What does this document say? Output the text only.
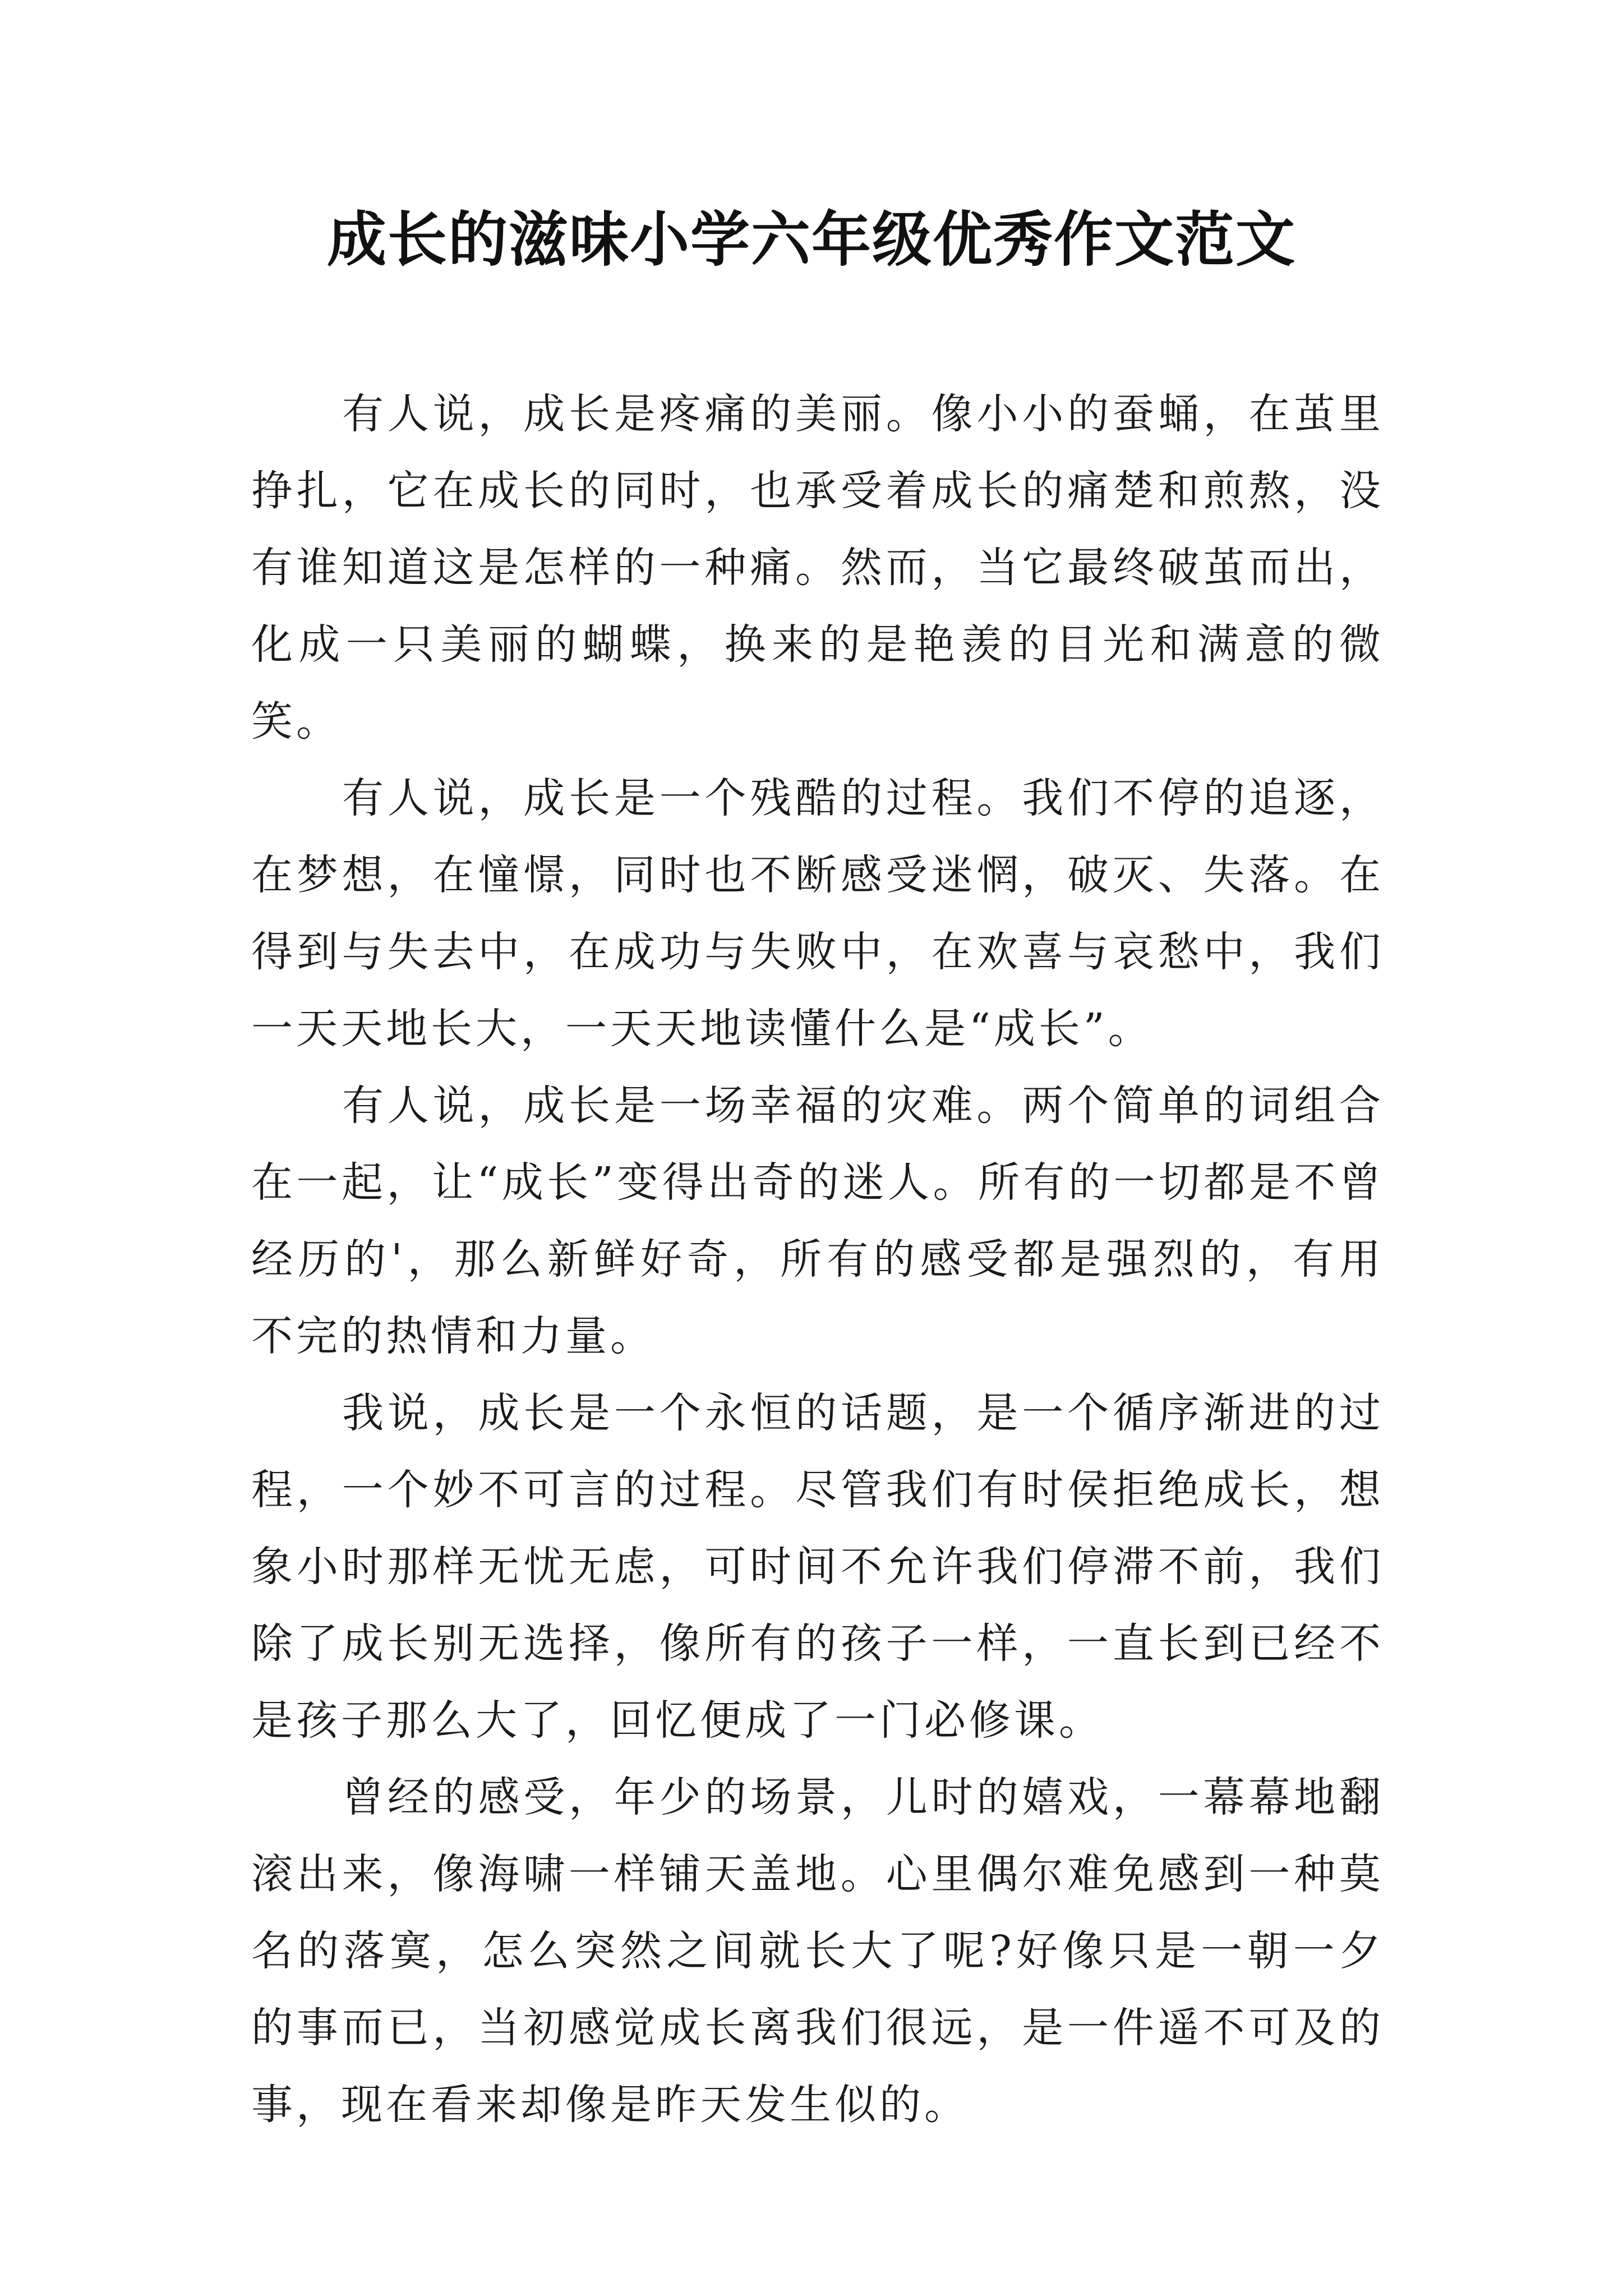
成长的滋味小学六年级优秀作文范文

有人说，成长是疼痛的美丽。像小小的蚕蛹，在茧里挣扎，它在成长的同时，也承受着成长的痛楚和煎熬，没有谁知道这是怎样的一种痛。然而，当它最终破茧而出，化成一只美丽的蝴蝶，换来的是艳羡的目光和满意的微笑。

有人说，成长是一个残酷的过程。我们不停的追逐，在梦想，在憧憬，同时也不断感受迷惘，破灭、失落。在得到与失去中，在成功与失败中，在欢喜与哀愁中，我们一天天地长大，一天天地读懂什么是“成长”。

有人说，成长是一场幸福的灾难。两个简单的词组合在一起，让“成长”变得出奇的迷人。所有的一切都是不曾经历的'，那么新鲜好奇，所有的感受都是强烈的，有用不完的热情和力量。

我说，成长是一个永恒的话题，是一个循序渐进的过程，一个妙不可言的过程。尽管我们有时侯拒绝成长，想象小时那样无忧无虑，可时间不允许我们停滞不前，我们除了成长别无选择，像所有的孩子一样，一直长到已经不是孩子那么大了，回忆便成了一门必修课。

曾经的感受，年少的场景，儿时的嬉戏，一幕幕地翻滚出来，像海啸一样铺天盖地。心里偶尔难免感到一种莫名的落寞，怎么突然之间就长大了呢?好像只是一朝一夕的事而已，当初感觉成长离我们很远，是一件遥不可及的事，现在看来却像是昨天发生似的。
